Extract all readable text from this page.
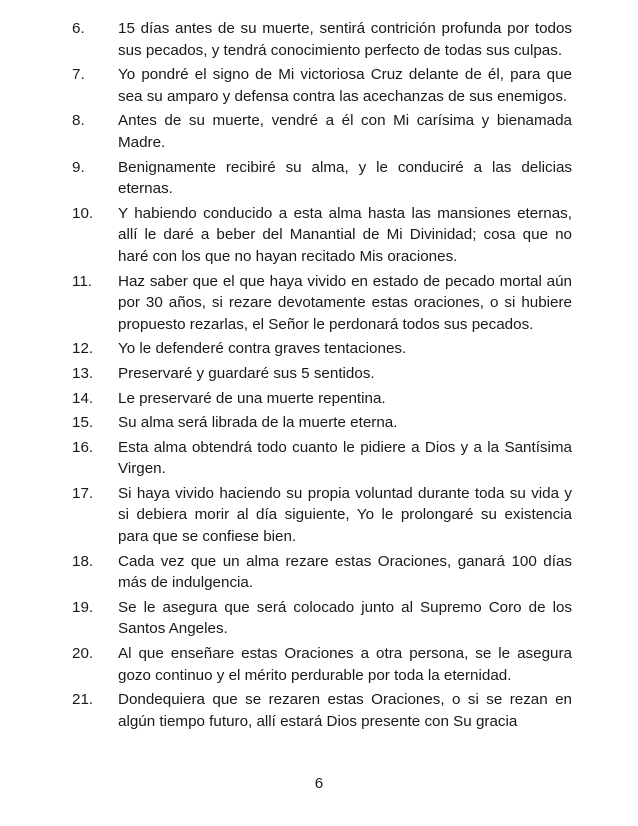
6.	15 días antes de su muerte, sentirá contrición profunda por todos sus pecados, y tendrá conocimiento perfecto de todas sus culpas.
7.	Yo pondré el signo de Mi victoriosa Cruz delante de él, para que sea su amparo y defensa contra las acechanzas de sus enemigos.
8.	Antes de su muerte, vendré a él con Mi carísima y bienamada Madre.
9.	Benignamente recibiré su alma, y le conduciré a las delicias eternas.
10.	Y habiendo conducido a esta alma hasta las mansiones eternas, allí le daré a beber del Manantial de Mi Divinidad; cosa que no haré con los que no hayan recitado Mis oraciones.
11.	Haz saber que el que haya vivido en estado de pecado mortal aún por 30 años, si rezare devotamente estas oraciones, o si hubiere propuesto rezarlas, el Señor le perdonará todos sus pecados.
12.	Yo le defenderé contra graves tentaciones.
13.	Preservaré y guardaré sus 5 sentidos.
14.	Le preservaré de una muerte repentina.
15.	Su alma será librada de la muerte eterna.
16.	Esta alma obtendrá todo cuanto le pidiere a Dios y a la Santísima Virgen.
17.	Si haya vivido haciendo su propia voluntad durante toda su vida y si debiera morir al día siguiente, Yo le prolongaré su existencia para que se confiese bien.
18.	Cada vez que un alma rezare estas Oraciones, ganará 100 días más de indulgencia.
19.	Se le asegura que será colocado junto al Supremo Coro de los Santos Angeles.
20.	Al que enseñare estas Oraciones a otra persona, se le asegura gozo continuo y el mérito perdurable por toda la eternidad.
21.	Dondequiera que se rezaren estas Oraciones, o si se rezan en algún tiempo futuro, allí estará Dios presente con Su gracia
6
